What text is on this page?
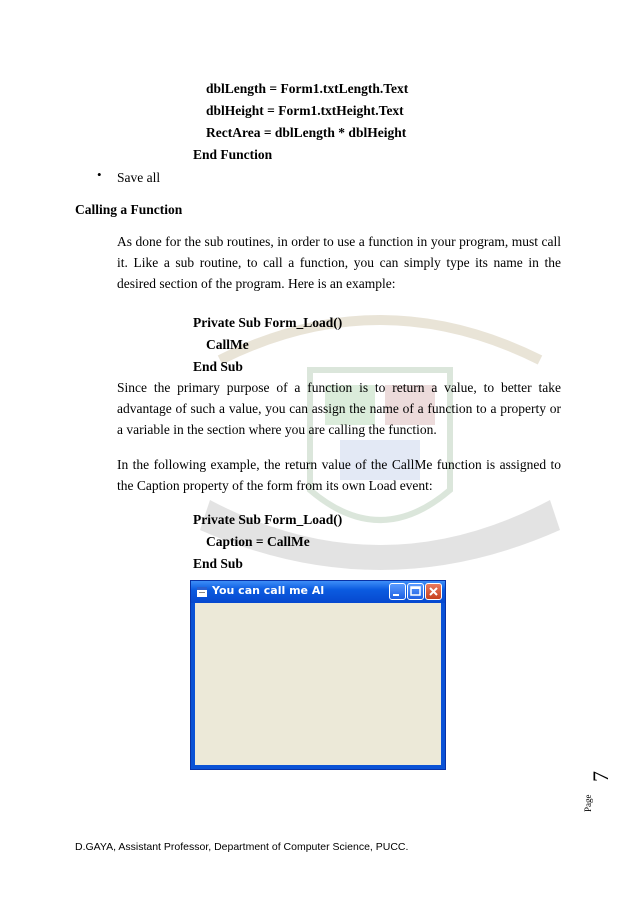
dblLength = Form1.txtLength.Text
dblHeight = Form1.txtHeight.Text
RectArea = dblLength * dblHeight
End Function
• Save all
Calling a Function
As done for the sub routines, in order to use a function in your program, must call it. Like a sub routine, to call a function, you can simply type its name in the desired section of the program. Here is an example:
Private Sub Form_Load()
CallMe
End Sub
Since the primary purpose of a function is to return a value, to better take advantage of such a value, you can assign the name of a function to a property or a variable in the section where you are calling the function.
In the following example, the return value of the CallMe function is assigned to the Caption property of the form from its own Load event:
Private Sub Form_Load()
Caption = CallMe
End Sub
You can call me Al
7
Page
D.GAYA, Assistant Professor, Department of Computer Science, PUCC.
